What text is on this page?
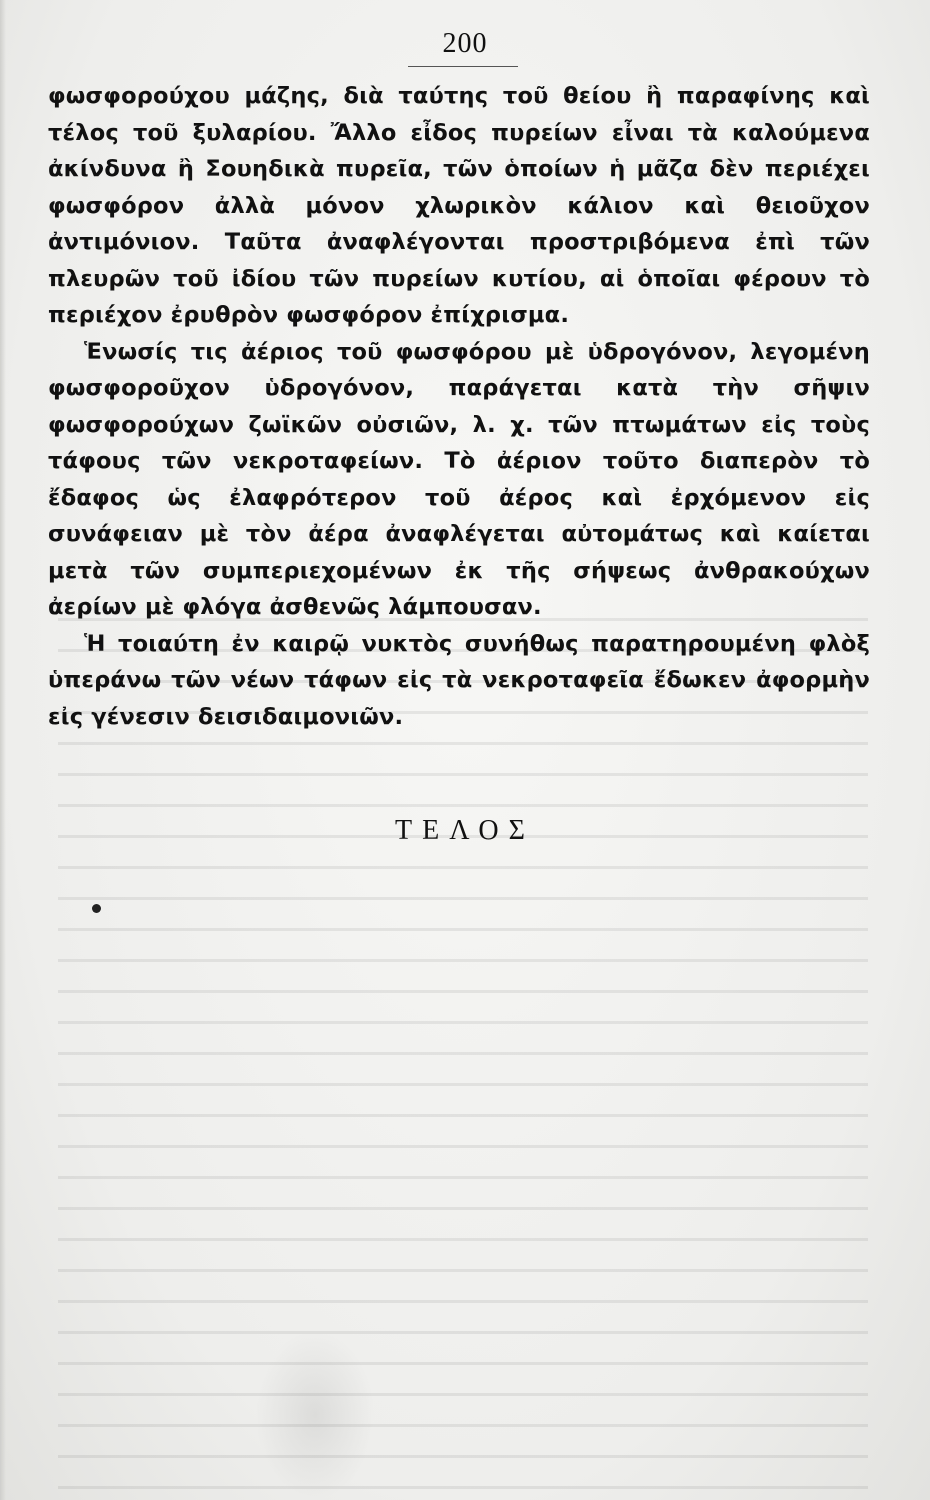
200

φωσφορούχου μάζης, διὰ ταύτης τοῦ θείου ἢ παραφίνης καὶ τέλος τοῦ ξυλαρίου. Ἄλλο εἶδος πυρείων εἶναι τὰ καλούμενα ἀκίνδυνα ἢ Σουηδικὰ πυρεῖα, τῶν ὁποίων ἡ μᾶζα δὲν περιέχει φωσφόρον ἀλλὰ μόνον χλωρικὸν κάλιον καὶ θειοῦχον ἀντιμόνιον. Ταῦτα ἀναφλέγονται προστριβόμενα ἐπὶ τῶν πλευρῶν τοῦ ἰδίου τῶν πυρείων κυτίου, αἱ ὁποῖαι φέρουν τὸ περιέχον ἐρυθρὸν φωσφόρον ἐπίχρισμα.

Ἑνωσίς τις ἀέριος τοῦ φωσφόρου μὲ ὑδρογόνον, λεγομένη φωσφοροῦχον ὑδρογόνον, παράγεται κατὰ τὴν σῆψιν φωσφορούχων ζωϊκῶν οὐσιῶν, λ. χ. τῶν πτωμάτων εἰς τοὺς τάφους τῶν νεκροταφείων. Τὸ ἀέριον τοῦτο διαπερὸν τὸ ἔδαφος ὡς ἐλαφρότερον τοῦ ἀέρος καὶ ἐρχόμενον εἰς συνάφειαν μὲ τὸν ἀέρα ἀναφλέγεται αὐτομάτως καὶ καίεται μετὰ τῶν συμπεριεχομένων ἐκ τῆς σήψεως ἀνθρακούχων ἀερίων μὲ φλόγα ἀσθενῶς λάμπουσαν.

Ἡ τοιαύτη ἐν καιρῷ νυκτὸς συνήθως παρατηρουμένη φλὸξ ὑπεράνω τῶν νέων τάφων εἰς τὰ νεκροταφεῖα ἔδωκεν ἀφορμὴν εἰς γένεσιν δεισιδαιμονιῶν.

ΤΕΛΟΣ
